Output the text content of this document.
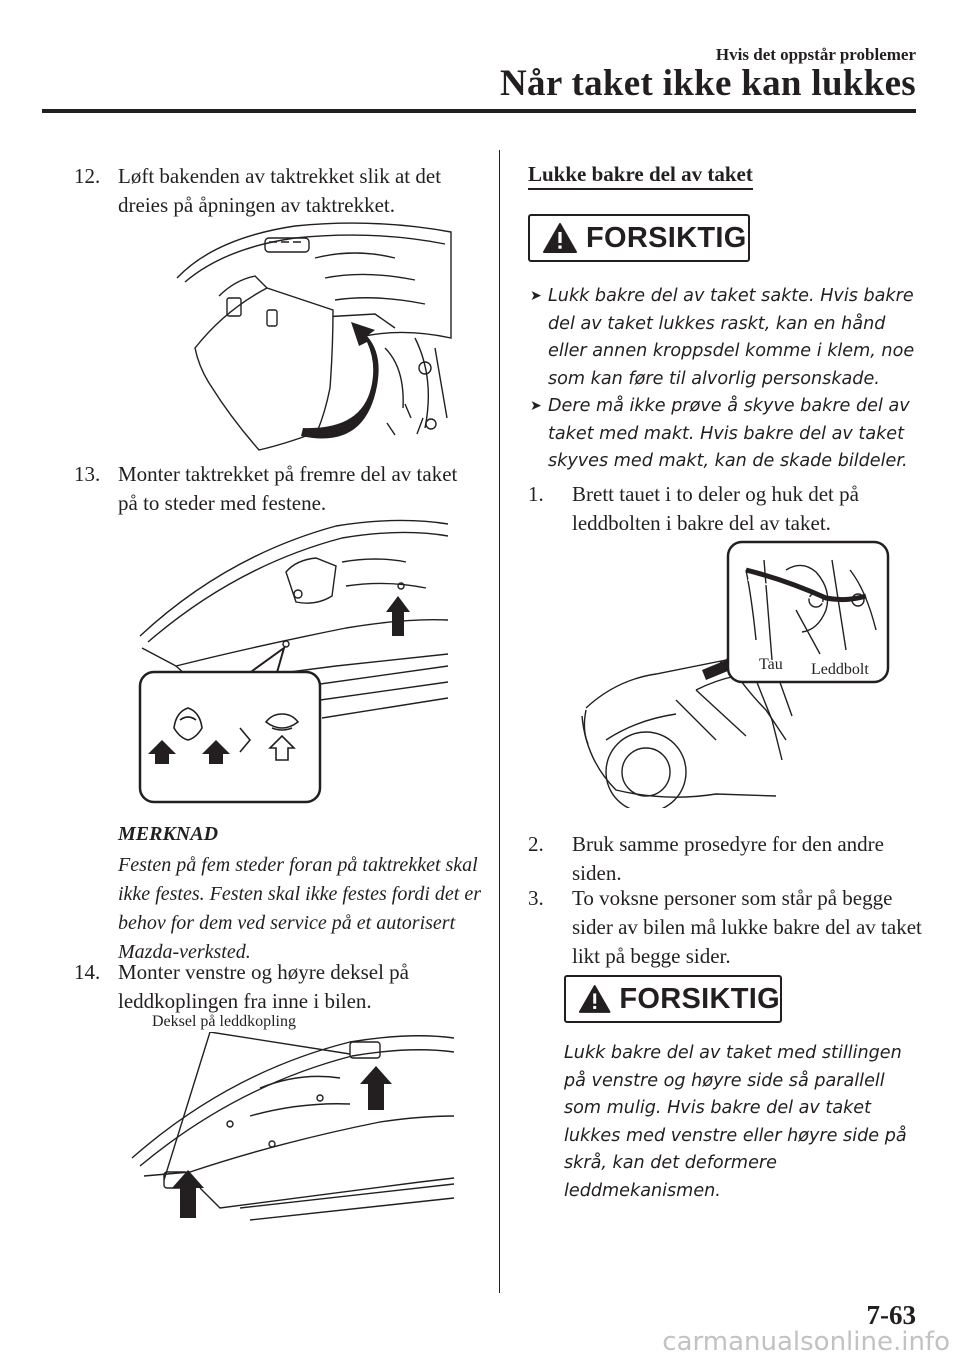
Hvis det oppstår problemer
Når taket ikke kan lukkes
12. Løft bakenden av taktrekket slik at det dreies på åpningen av taktrekket.
13. Monter taktrekket på fremre del av taket på to steder med festene.
MERKNAD
Festen på fem steder foran på taktrekket skal ikke festes. Festen skal ikke festes fordi det er behov for dem ved service på et autorisert Mazda-verksted.
14. Monter venstre og høyre deksel på leddkoplingen fra inne i bilen.
Deksel på leddkopling
Lukke bakre del av taket
FORSIKTIG
➤ Lukk bakre del av taket sakte. Hvis bakre del av taket lukkes raskt, kan en hånd eller annen kroppsdel komme i klem, noe som kan føre til alvorlig personskade.
➤ Dere må ikke prøve å skyve bakre del av taket med makt. Hvis bakre del av taket skyves med makt, kan de skade bildeler.
1.	Brett tauet i to deler og huk det på leddbolten i bakre del av taket.
Tau Leddbolt
2.	Bruk samme prosedyre for den andre siden.
3.	To voksne personer som står på begge sider av bilen må lukke bakre del av taket likt på begge sider.
FORSIKTIG
Lukk bakre del av taket med stillingen på venstre og høyre side så parallell som mulig. Hvis bakre del av taket lukkes med venstre eller høyre side på skrå, kan det deformere leddmekanismen.
7-63
carmanualsonline.info
